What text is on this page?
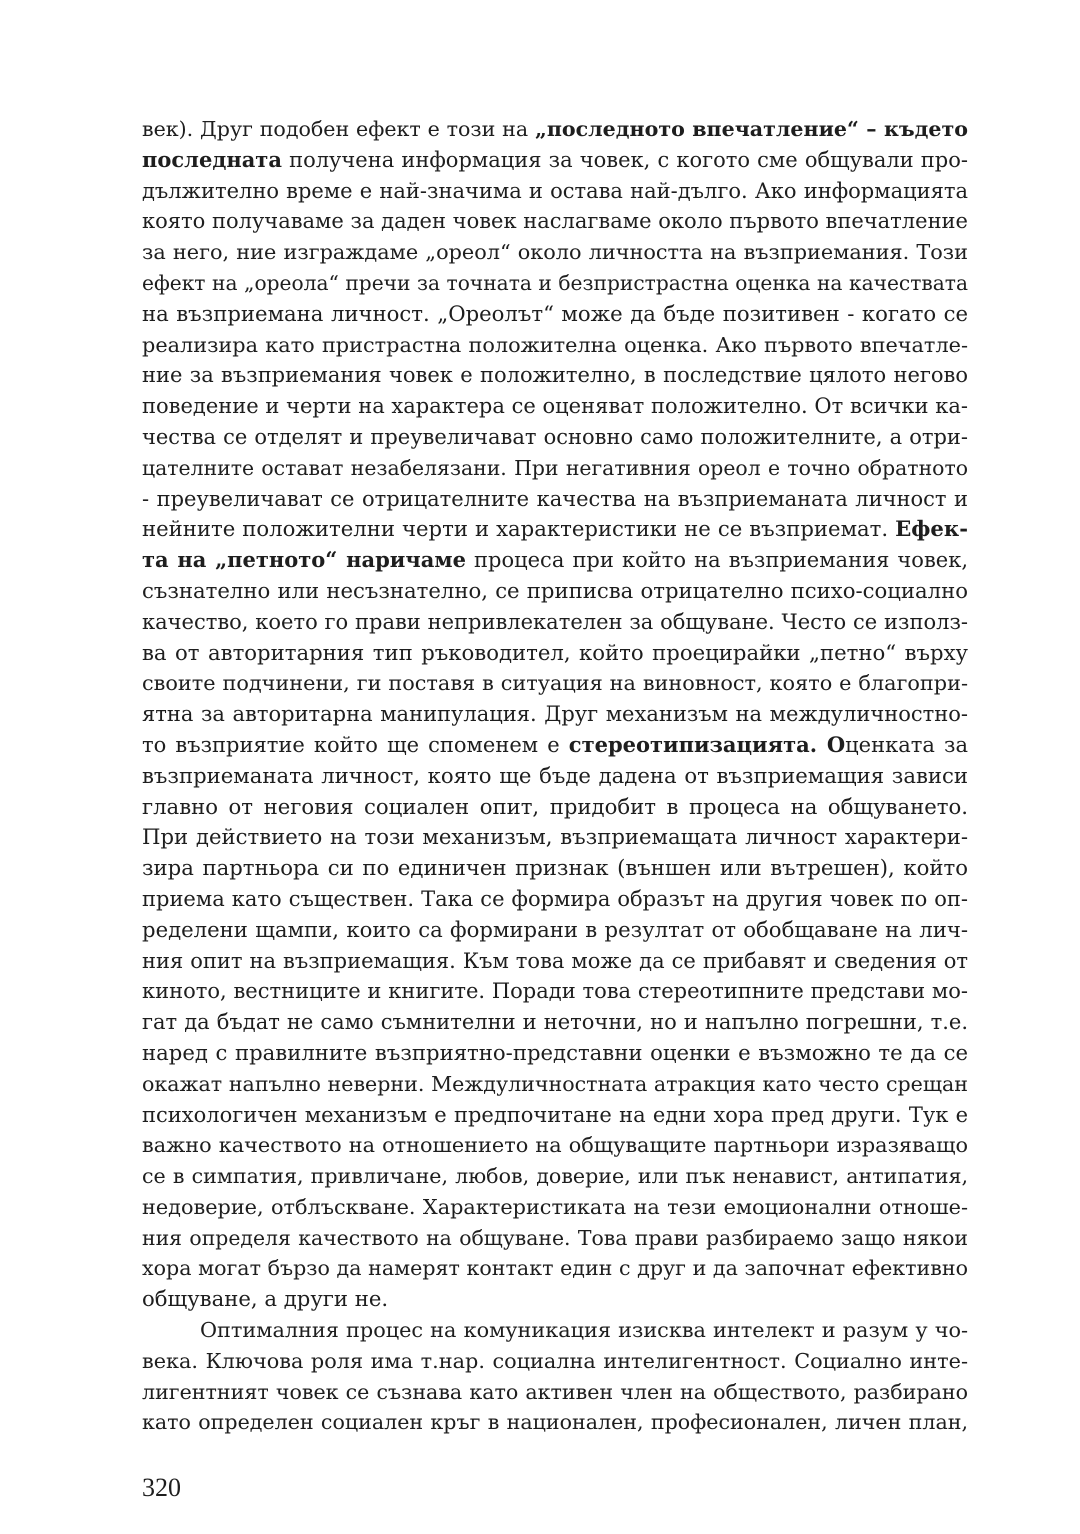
век). Друг подобен ефект е този на „последното впечатление“ – където
последната получена информация за човек, с когото сме общували про-
дължително време е най-значима и остава най-дълго. Ако информацията
която получаваме за даден човек наслагваме около първото впечатление
за него, ние изграждаме „ореол“ около личността на възприемания. Този
ефект на „ореола“ пречи за точната и безпристрастна оценка на качествата
на възприемана личност. „Ореолът“ може да бъде позитивен - когато се
реализира като пристрастна положителна оценка. Ако първото впечатле-
ние за възприемания човек е положително, в последствие цялото негово
поведение и черти на характера се оценяват положително. От всички ка-
чества се отделят и преувеличават основно само положителните, а отри-
цателните остават незабелязани. При негативния ореол е точно обратното
- преувеличават се отрицателните качества на възприеманата личност и
нейните положителни черти и характеристики не се възприемат. Ефек-
та на „петното“ наричаме процеса при който на възприемания човек,
съзнателно или несъзнателно, се приписва отрицателно психо-социално
качество, което го прави непривлекателен за общуване. Често се използ-
ва от авторитарния тип ръководител, който проецирайки „петно“ върху
своите подчинени, ги поставя в ситуация на виновност, която е благопри-
ятна за авторитарна манипулация. Друг механизъм на междуличностно-
то възприятие който ще споменем е стереотипизацията. Оценката за
възприеманата личност, която ще бъде дадена от възприемащия зависи
главно от неговия социален опит, придобит в процеса на общуването.
При действието на този механизъм, възприемащата личност характери-
зира партньора си по единичен признак (външен или вътрешен), който
приема като съществен. Така се формира образът на другия човек по оп-
ределени щампи, които са формирани в резултат от обобщаване на лич-
ния опит на възприемащия. Към това може да се прибавят и сведения от
киното, вестниците и книгите. Поради това стереотипните представи мо-
гат да бъдат не само съмнителни и неточни, но и напълно погрешни, т.е.
наред с правилните възприятно-представни оценки е възможно те да се
окажат напълно неверни. Междуличностната атракция като често срещан
психологичен механизъм е предпочитане на едни хора пред други. Тук е
важно качеството на отношението на общуващите партньори изразяващо
се в симпатия, привличане, любов, доверие, или пък ненавист, антипатия,
недоверие, отблъскване. Характеристиката на тези емоционални отноше-
ния определя качеството на общуване. Това прави разбираемо защо някои
хора могат бързо да намерят контакт един с друг и да започнат ефективно
общуване, а други не.
Оптималния процес на комуникация изисква интелект и разум у чо-
века. Ключова роля има т.нар. социална интелигентност. Социално инте-
лигентният човек се съзнава като активен член на обществото, разбирано
като определен социален кръг в национален, професионален, личен план,
320
